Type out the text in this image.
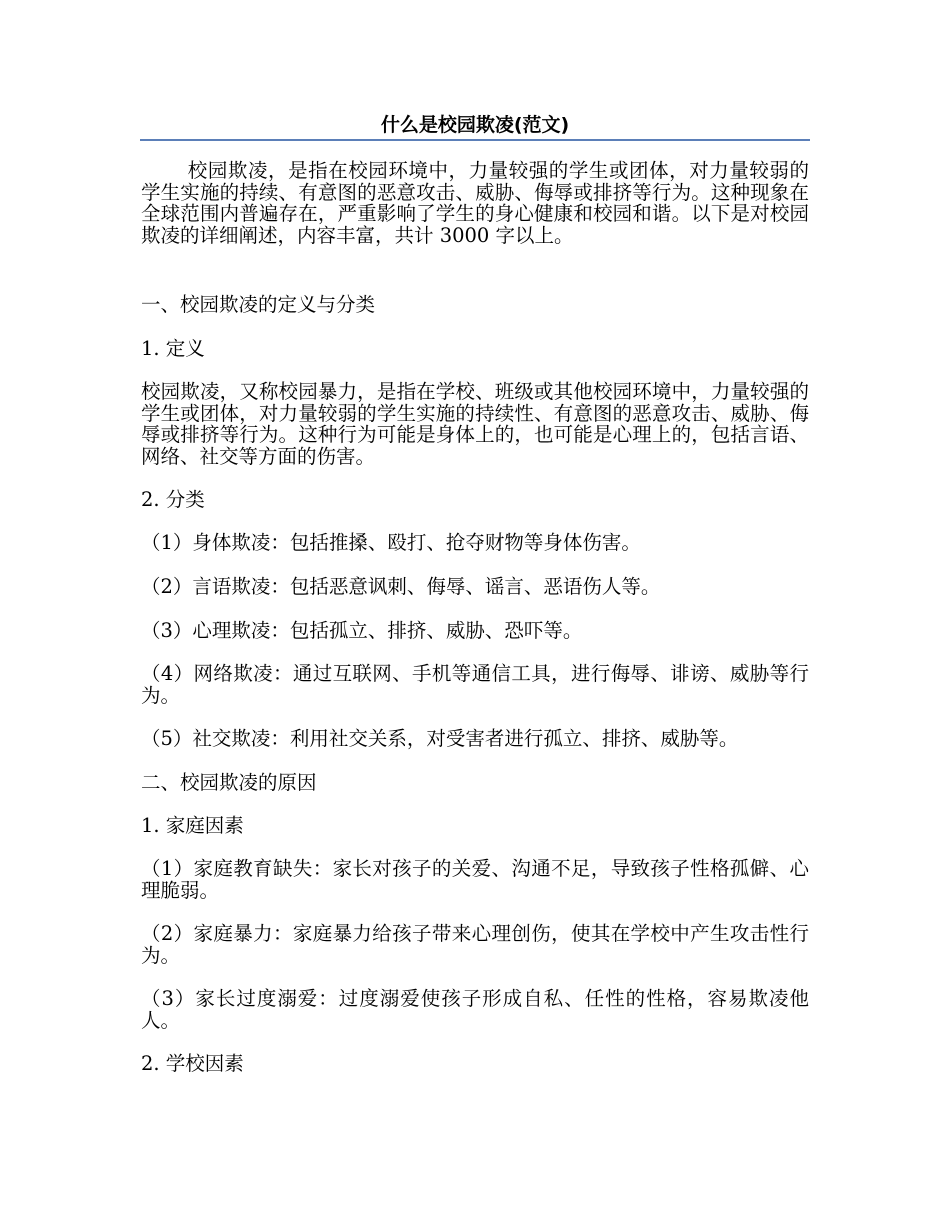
什么是校园欺凌(范文)

校园欺凌，是指在校园环境中，力量较强的学生或团体，对力量较弱的学生实施的持续、有意图的恶意攻击、威胁、侮辱或排挤等行为。这种现象在全球范围内普遍存在，严重影响了学生的身心健康和校园和谐。以下是对校园欺凌的详细阐述，内容丰富，共计 3000 字以上。

一、校园欺凌的定义与分类

1. 定义

校园欺凌，又称校园暴力，是指在学校、班级或其他校园环境中，力量较强的学生或团体，对力量较弱的学生实施的持续性、有意图的恶意攻击、威胁、侮辱或排挤等行为。这种行为可能是身体上的，也可能是心理上的，包括言语、网络、社交等方面的伤害。

2. 分类

（1）身体欺凌：包括推搡、殴打、抢夺财物等身体伤害。

（2）言语欺凌：包括恶意讽刺、侮辱、谣言、恶语伤人等。

（3）心理欺凌：包括孤立、排挤、威胁、恐吓等。

（4）网络欺凌：通过互联网、手机等通信工具，进行侮辱、诽谤、威胁等行为。

（5）社交欺凌：利用社交关系，对受害者进行孤立、排挤、威胁等。

二、校园欺凌的原因

1. 家庭因素

（1）家庭教育缺失：家长对孩子的关爱、沟通不足，导致孩子性格孤僻、心理脆弱。

（2）家庭暴力：家庭暴力给孩子带来心理创伤，使其在学校中产生攻击性行为。

（3）家长过度溺爱：过度溺爱使孩子形成自私、任性的性格，容易欺凌他人。

2. 学校因素
